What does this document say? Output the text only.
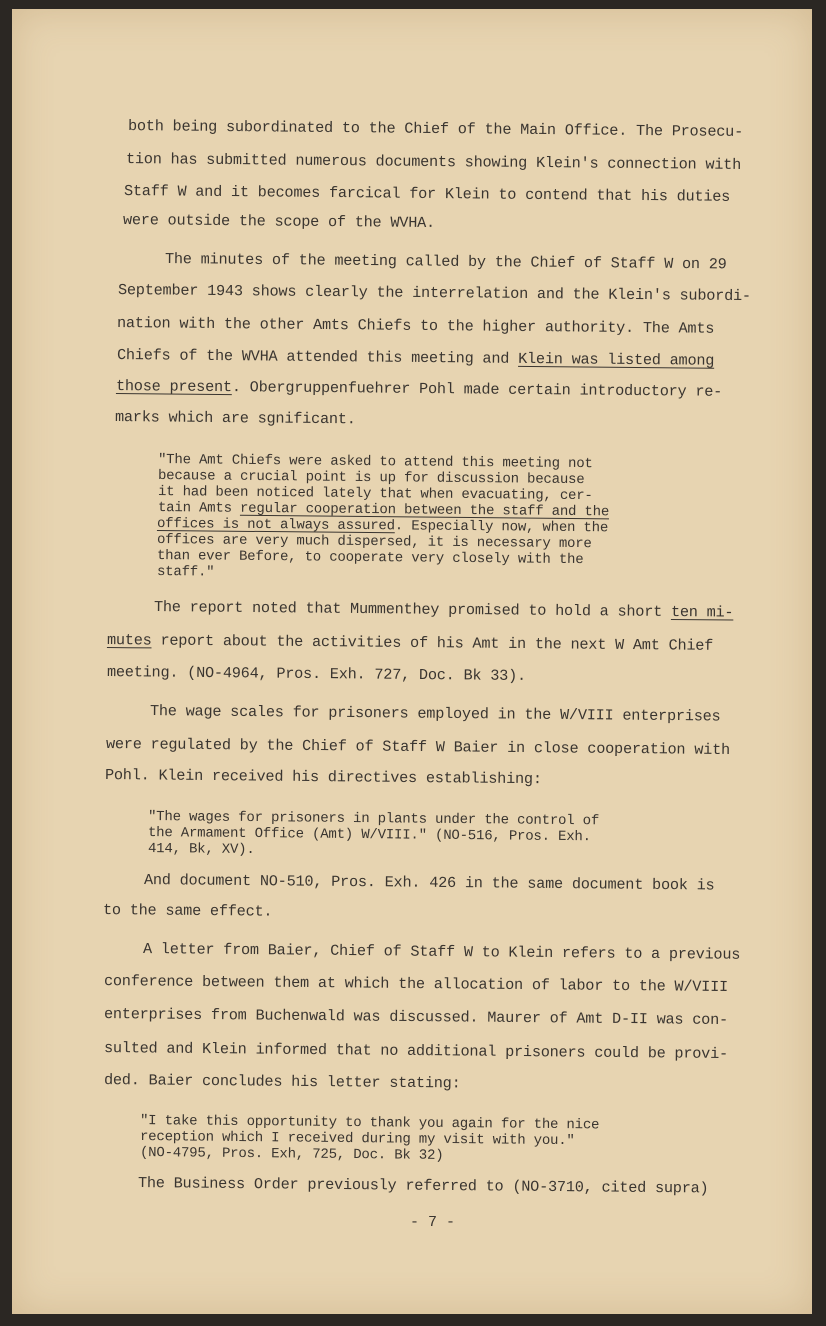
both being subordinated to the Chief of the Main Office. The Prosecu-
tion has submitted numerous documents showing Klein's connection with
Staff W and it becomes farcical for Klein to contend that his duties
were outside the scope of the WVHA.
The minutes of the meeting called by the Chief of Staff W on 29
September 1943 shows clearly the interrelation and the Klein's subordi-
nation with the other Amts Chiefs to the higher authority. The Amts
Chiefs of the WVHA attended this meeting and Klein was listed among
those present. Obergruppenfuehrer Pohl made certain introductory re-
marks which are sgnificant.
"The Amt Chiefs were asked to attend this meeting not
because a crucial point is up for discussion because
it had been noticed lately that when evacuating, cer-
tain Amts regular cooperation between the staff and the
offices is not always assured. Especially now, when the
offices are very much dispersed, it is necessary more
than ever Before, to cooperate very closely with the
staff."
The report noted that Mummenthey promised to hold a short ten mi-
mutes report about the activities of his Amt in the next W Amt Chief
meeting. (NO-4964, Pros. Exh. 727, Doc. Bk 33).
The wage scales for prisoners employed in the W/VIII enterprises
were regulated by the Chief of Staff W Baier in close cooperation with
Pohl. Klein received his directives establishing:
"The wages for prisoners in plants under the control of
the Armament Office (Amt) W/VIII." (NO-516, Pros. Exh.
414, Bk, XV).
And document NO-510, Pros. Exh. 426 in the same document book is
to the same effect.
A letter from Baier, Chief of Staff W to Klein refers to a previous
conference between them at which the allocation of labor to the W/VIII
enterprises from Buchenwald was discussed. Maurer of Amt D-II was con-
sulted and Klein informed that no additional prisoners could be provi-
ded. Baier concludes his letter stating:
"I take this opportunity to thank you again for the nice
reception which I received during my visit with you."
(NO-4795, Pros. Exh, 725, Doc. Bk 32)
The Business Order previously referred to (NO-3710, cited supra)
- 7 -
